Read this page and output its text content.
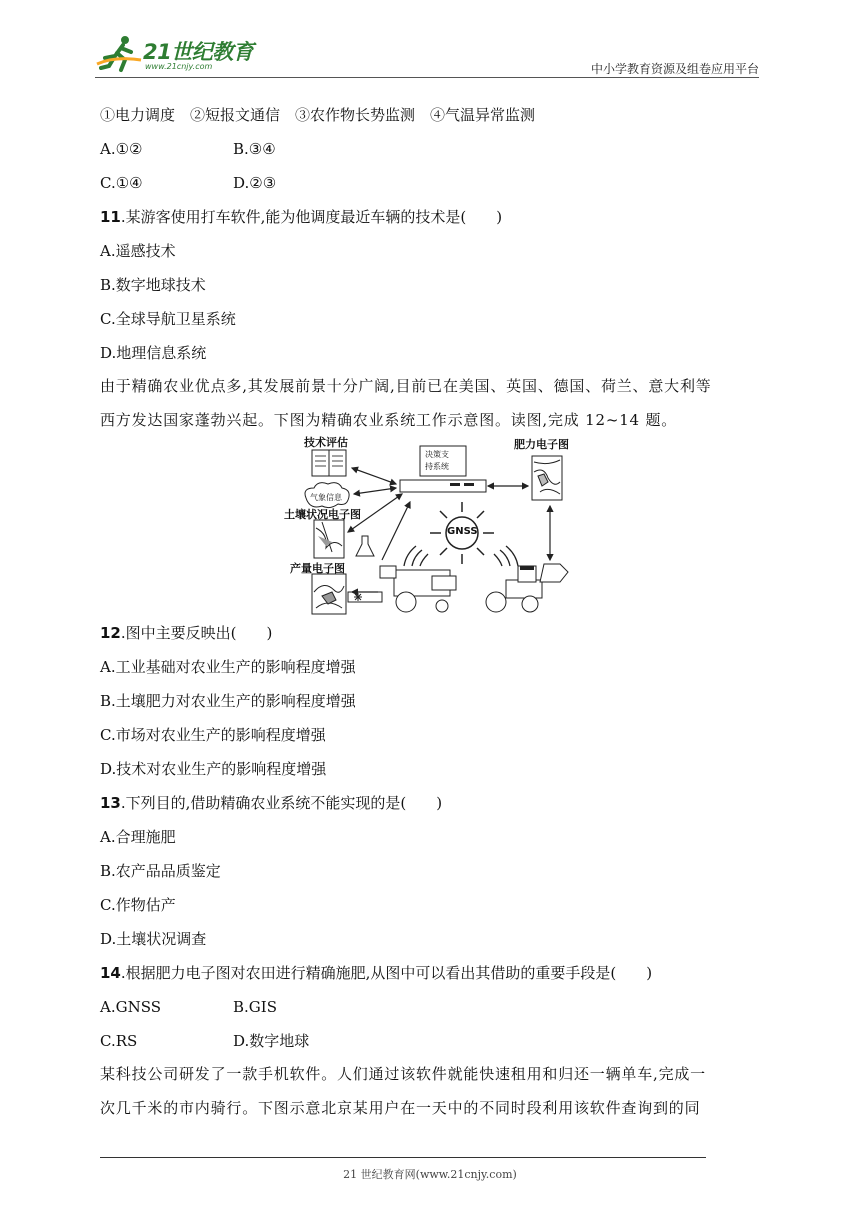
21世纪教育
www.21cnjy.com	中小学教育资源及组卷应用平台
①电力调度　②短报文通信　③农作物长势监测　④气温异常监测
A.①②	B.③④
C.①④	D.②③
11.某游客使用打车软件,能为他调度最近车辆的技术是(　　)
A.遥感技术
B.数字地球技术
C.全球导航卫星系统
D.地理信息系统
由于精确农业优点多,其发展前景十分广阔,目前已在美国、英国、德国、荷兰、意大利等
西方发达国家蓬勃兴起。下图为精确农业系统工作示意图。读图,完成 12~14 题。
技术评估
气象信息
决策支
持系统
肥力电子图
土壤状况电子图
产量电子图
GNSS
12.图中主要反映出(　　)
A.工业基础对农业生产的影响程度增强
B.土壤肥力对农业生产的影响程度增强
C.市场对农业生产的影响程度增强
D.技术对农业生产的影响程度增强
13.下列目的,借助精确农业系统不能实现的是(　　)
A.合理施肥
B.农产品品质鉴定
C.作物估产
D.土壤状况调查
14.根据肥力电子图对农田进行精确施肥,从图中可以看出其借助的重要手段是(　　)
A.GNSS	B.GIS
C.RS	D.数字地球
某科技公司研发了一款手机软件。人们通过该软件就能快速租用和归还一辆单车,完成一
次几千米的市内骑行。下图示意北京某用户在一天中的不同时段利用该软件查询到的同
21 世纪教育网(www.21cnjy.com)
